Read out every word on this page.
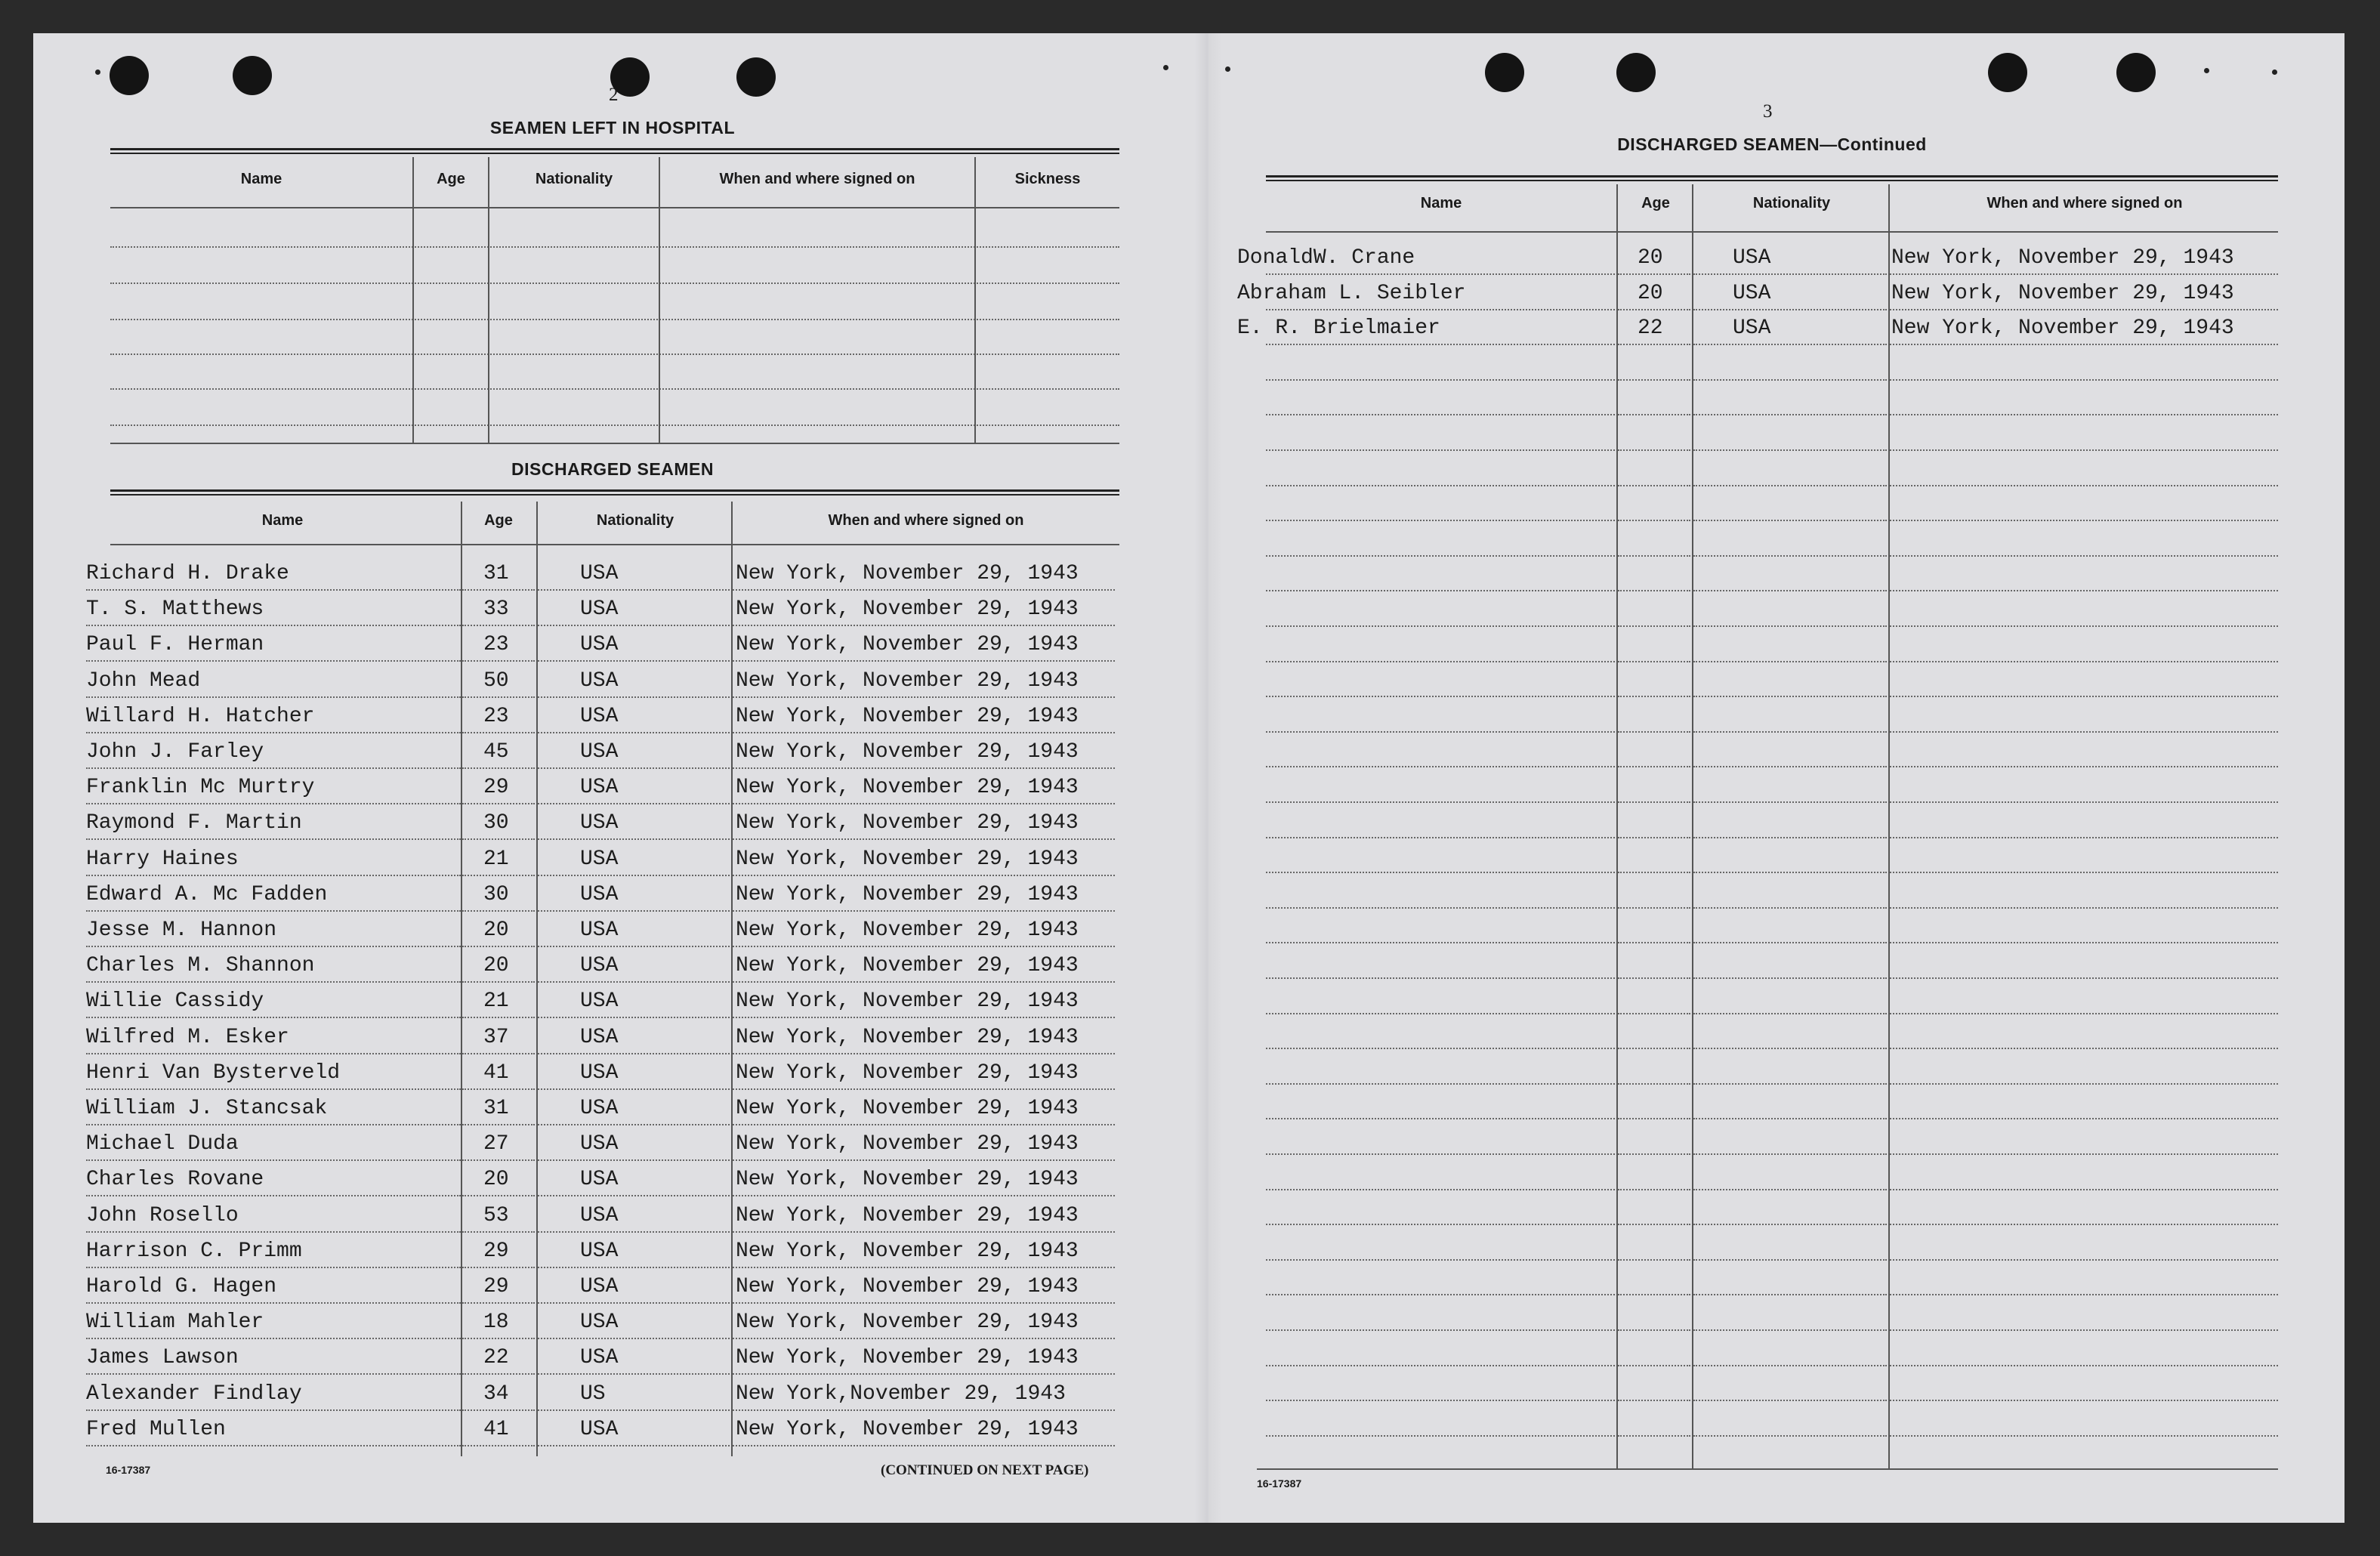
2
SEAMEN LEFT IN HOSPITAL
Name	Age	Nationality	When and where signed on	Sickness
DISCHARGED SEAMEN
Name	Age	Nationality	When and where signed on
Richard H. Drake	31	USA	New York, November 29, 1943
T. S. Matthews	33	USA	New York, November 29, 1943
Paul F. Herman	23	USA	New York, November 29, 1943
John Mead	50	USA	New York, November 29, 1943
Willard H. Hatcher	23	USA	New York, November 29, 1943
John J. Farley	45	USA	New York, November 29, 1943
Franklin Mc Murtry	29	USA	New York, November 29, 1943
Raymond F. Martin	30	USA	New York, November 29, 1943
Harry Haines	21	USA	New York, November 29, 1943
Edward A. Mc Fadden	30	USA	New York, November 29, 1943
Jesse M. Hannon	20	USA	New York, November 29, 1943
Charles M. Shannon	20	USA	New York, November 29, 1943
Willie Cassidy	21	USA	New York, November 29, 1943
Wilfred M. Esker	37	USA	New York, November 29, 1943
Henri Van Bysterveld	41	USA	New York, November 29, 1943
William J. Stancsak	31	USA	New York, November 29, 1943
Michael Duda	27	USA	New York, November 29, 1943
Charles Rovane	20	USA	New York, November 29, 1943
John Rosello	53	USA	New York, November 29, 1943
Harrison C. Primm	29	USA	New York, November 29, 1943
Harold G. Hagen	29	USA	New York, November 29, 1943
William Mahler	18	USA	New York, November 29, 1943
James Lawson	22	USA	New York, November 29, 1943
Alexander Findlay	34	US	New York,November 29, 1943
Fred Mullen	41	USA	New York, November 29, 1943
16-17387	(CONTINUED ON NEXT PAGE)
3
DISCHARGED SEAMEN—Continued
Name	Age	Nationality	When and where signed on
DonaldW. Crane	20	USA	New York, November 29, 1943
Abraham L. Seibler	20	USA	New York, November 29, 1943
E. R. Brielmaier	22	USA	New York, November 29, 1943
16-17387
